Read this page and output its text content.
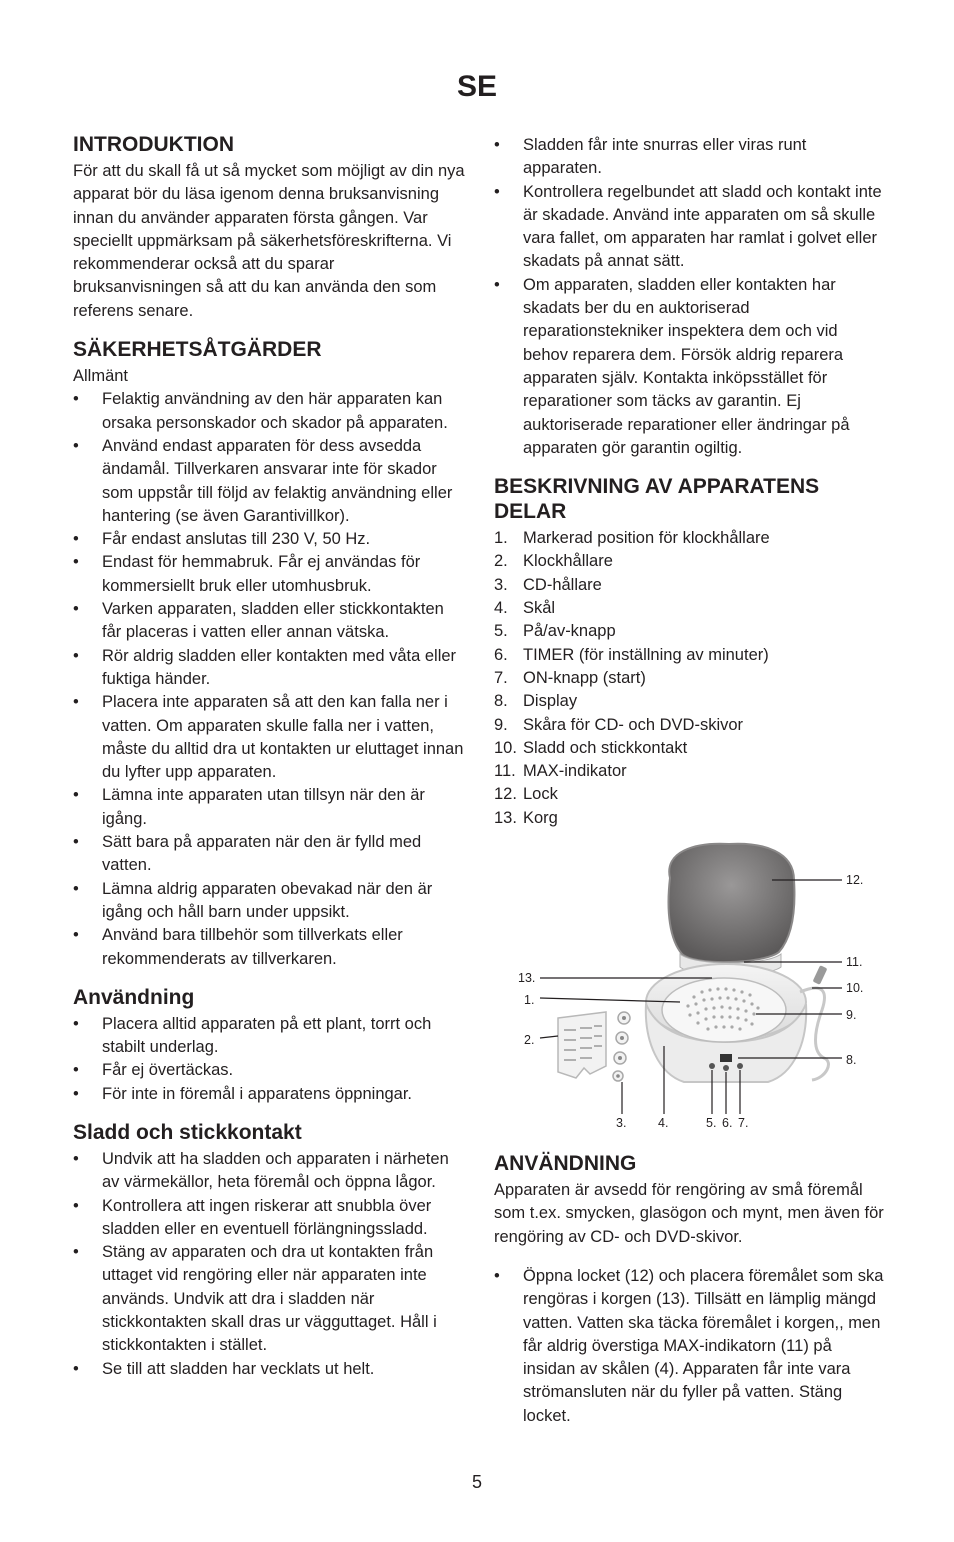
SE
INTRODUKTION

För att du skall få ut så mycket som möjligt av din nya apparat bör du läsa igenom denna bruksanvisning innan du använder apparaten första gången. Var speciellt uppmärksam på säkerhetsföreskrifterna. Vi rekommenderar också att du sparar bruksanvisningen så att du kan använda den som referens senare.

SÄKERHETSÅTGÄRDER

Allmänt

• Felaktig användning av den här apparaten kan orsaka personskador och skador på apparaten.
• Använd endast apparaten för dess avsedda ändamål. Tillverkaren ansvarar inte för skador som uppstår till följd av felaktig användning eller hantering (se även Garantivillkor).
• Får endast anslutas till 230 V, 50 Hz.
• Endast för hemmabruk. Får ej användas för kommersiellt bruk eller utomhusbruk.
• Varken apparaten, sladden eller stickkontakten får placeras i vatten eller annan vätska.
• Rör aldrig sladden eller kontakten med våta eller fuktiga händer.
• Placera inte apparaten så att den kan falla ner i vatten. Om apparaten skulle falla ner i vatten, måste du alltid dra ut kontakten ur eluttaget innan du lyfter upp apparaten.
• Lämna inte apparaten utan tillsyn när den är igång.
• Sätt bara på apparaten när den är fylld med vatten.
• Lämna aldrig apparaten obevakad när den är igång och håll barn under uppsikt.
• Använd bara tillbehör som tillverkats eller rekommenderats av tillverkaren.
Användning
• Placera alltid apparaten på ett plant, torrt och stabilt underlag.
• Får ej övertäckas.
• För inte in föremål i apparatens öppningar.
Sladd och stickkontakt
• Undvik att ha sladden och apparaten i närheten av värmekällor, heta föremål och öppna lågor.
• Kontrollera att ingen riskerar att snubbla över sladden eller en eventuell förlängningssladd.
• Stäng av apparaten och dra ut kontakten från uttaget vid rengöring eller när apparaten inte används. Undvik att dra i sladden när stickkontakten skall dras ur vägguttaget. Håll i stickkontakten i stället.
• Se till att sladden har vecklats ut helt.
• Sladden får inte snurras eller viras runt apparaten.
• Kontrollera regelbundet att sladd och kontakt inte är skadade. Använd inte apparaten om så skulle vara fallet, om apparaten har ramlat i golvet eller skadats på annat sätt.
• Om apparaten, sladden eller kontakten har skadats ber du en auktoriserad reparationstekniker inspektera dem och vid behov reparera dem. Försök aldrig reparera apparaten själv. Kontakta inköpsstället för reparationer som täcks av garantin. Ej auktoriserade reparationer eller ändringar på apparaten gör garantin ogiltig.
BESKRIVNING AV APPARATENS DELAR
1. Markerad position för klockhållare
2. Klockhållare
3. CD-hållare
4. Skål
5. På/av-knapp
6. TIMER (för inställning av minuter)
7. ON-knapp (start)
8. Display
9. Skåra för CD- och DVD-skivor
10. Sladd och stickkontakt
11. MAX-indikator
12. Lock
13. Korg
12.
11.
10.
9.
8.
13.
1.
2.
3.	4.	5. 6. 7.
ANVÄNDNING

Apparaten är avsedd för rengöring av små föremål som t.ex. smycken, glasögon och mynt, men även för rengöring av CD- och DVD-skivor.

• Öppna locket (12) och placera föremålet som ska rengöras i korgen (13). Tillsätt en lämplig mängd vatten. Vatten ska täcka föremålet i korgen,, men får aldrig överstiga MAX-indikatorn (11) på insidan av skålen (4). Apparaten får inte vara strömansluten när du fyller på vatten. Stäng locket.
5
